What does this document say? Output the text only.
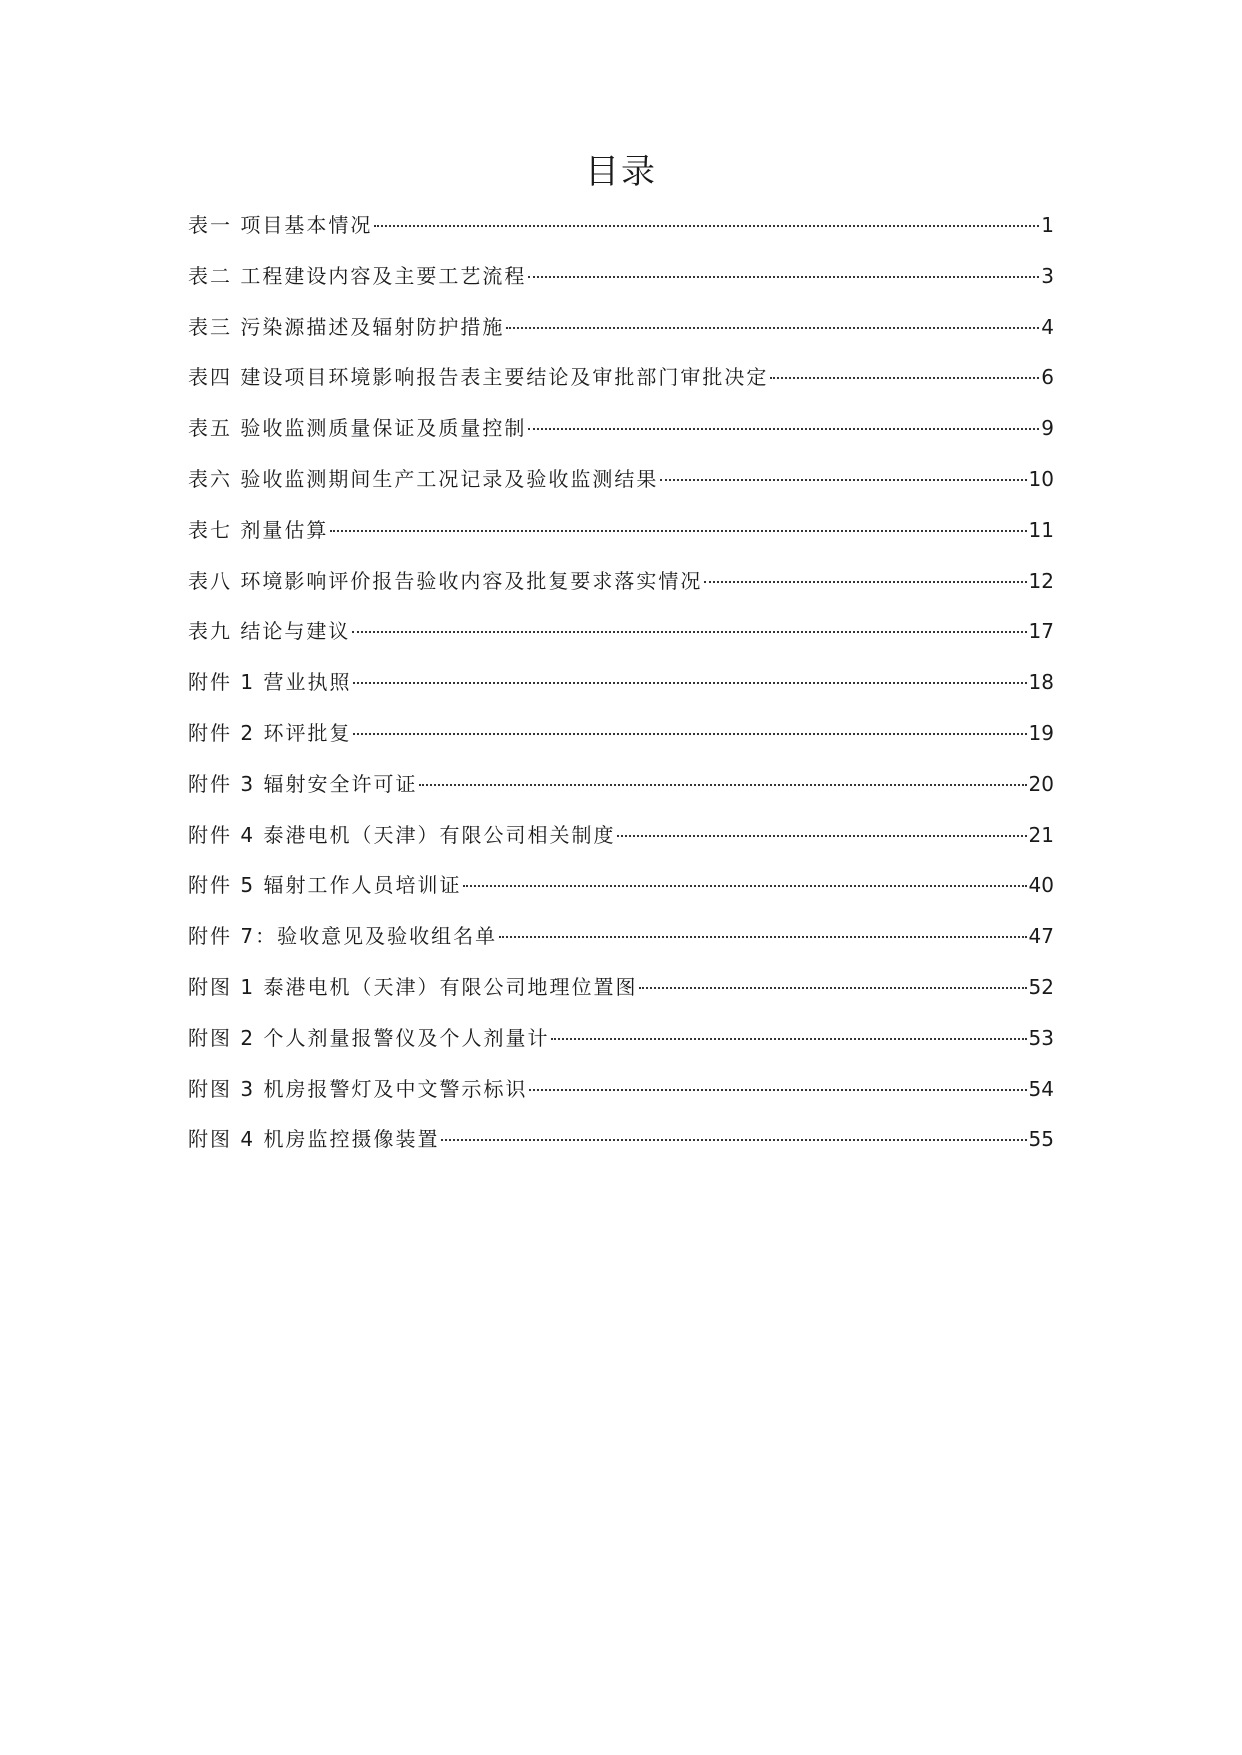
目录
表一 项目基本情况	1
表二 工程建设内容及主要工艺流程	3
表三 污染源描述及辐射防护措施	4
表四 建设项目环境影响报告表主要结论及审批部门审批决定	6
表五 验收监测质量保证及质量控制	9
表六 验收监测期间生产工况记录及验收监测结果	10
表七 剂量估算	11
表八 环境影响评价报告验收内容及批复要求落实情况	12
表九 结论与建议	17
附件 1 营业执照	18
附件 2 环评批复	19
附件 3 辐射安全许可证	20
附件 4 泰港电机（天津）有限公司相关制度	21
附件 5 辐射工作人员培训证	40
附件 7：验收意见及验收组名单	47
附图 1 泰港电机（天津）有限公司地理位置图	52
附图 2 个人剂量报警仪及个人剂量计	53
附图 3 机房报警灯及中文警示标识	54
附图 4 机房监控摄像装置	55
